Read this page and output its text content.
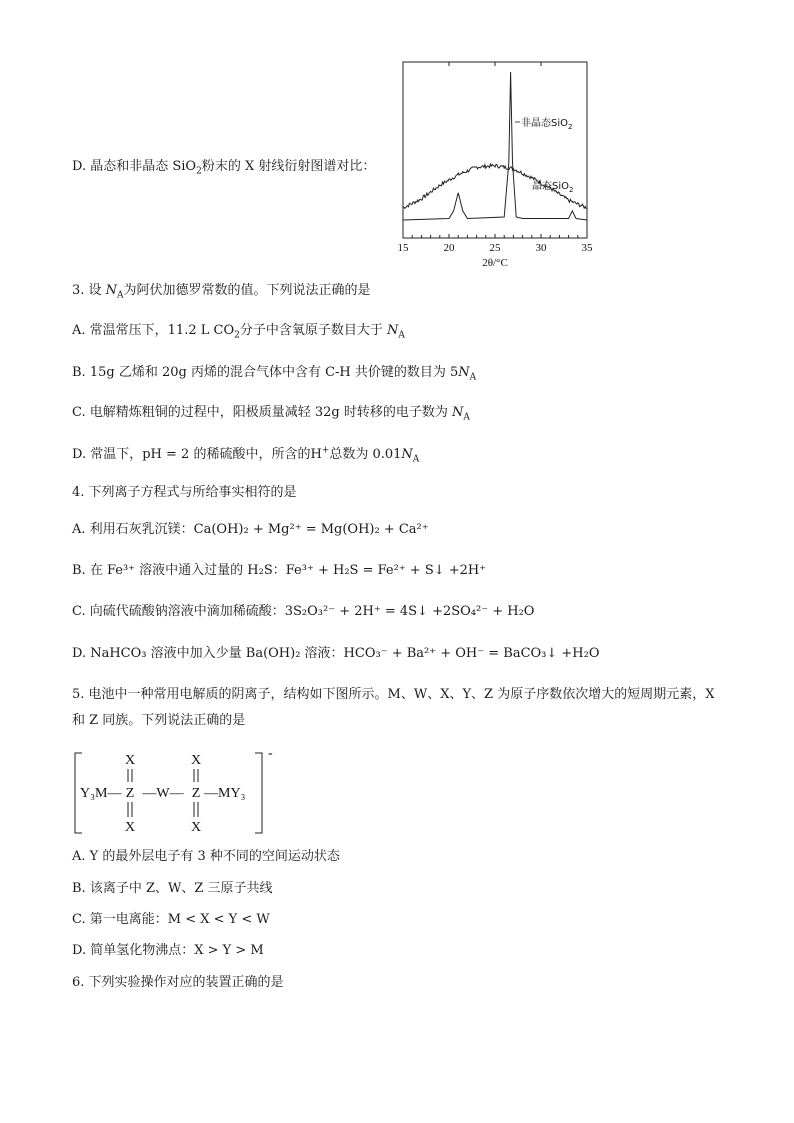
D. 晶态和非晶态 SiO$_2$粉末的 X 射线衍射图谱对比：
15	20	25	30	35
非晶态SiO$_2$
晶态SiO$_2$
2θ/°C
3. 设 $N_A$为阿伏加德罗常数的值。下列说法正确的是
A. 常温常压下，11.2 L $CO_2$分子中含氧原子数目大于 $N_A$
B. 15g 乙烯和 20g 丙烯的混合气体中含有 C-H 共价键的数目为 $5N_A$
C. 电解精炼粗铜的过程中，阳极质量减轻 32g 时转移的电子数为 $N_A$
D. 常温下，pH = 2 的稀硫酸中，所含的H+总数为 $0.01N_A$
4. 下列离子方程式与所给事实相符的是
A. 利用石灰乳沉镁：Ca(OH)₂ + Mg²⁺ = Mg(OH)₂ + Ca²⁺
B. 在 Fe³⁺ 溶液中通入过量的 H₂S：Fe³⁺ + H₂S = Fe²⁺ + S↓ +2H⁺
C. 向硫代硫酸钠溶液中滴加稀硫酸：3S₂O₃²⁻ + 2H⁺ = 4S↓ +2SO₄²⁻ + H₂O
D. NaHCO₃ 溶液中加入少量 Ba(OH)₂ 溶液：HCO₃⁻ + Ba²⁺ + OH⁻ = BaCO₃↓ +H₂O
5. 电池中一种常用电解质的阴离子，结构如下图所示。M、W、X、Y、Z 为原子序数依次增大的短周期元素，X 和 Z 同族。下列说法正确的是
-
X	X
Y₃M— Z —W— Z —MY₃
X	X
A. Y 的最外层电子有 3 种不同的空间运动状态
B. 该离子中 Z、W、Z 三原子共线
C. 第一电离能：M < X < Y < W
D. 简单氢化物沸点：X > Y > M
6. 下列实验操作对应的装置正确的是
